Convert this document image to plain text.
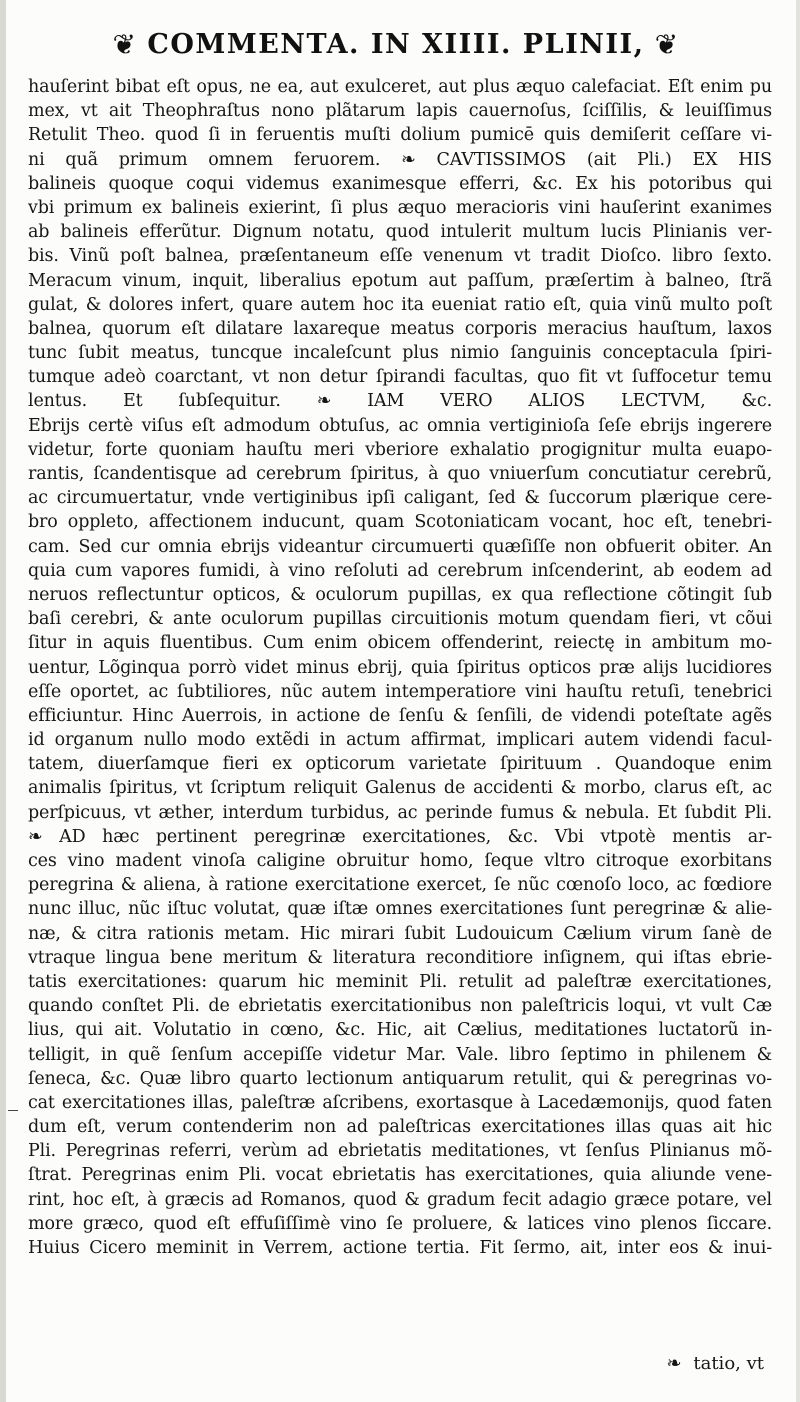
❦ COMMENTA. IN XIIII. PLINII, ❦
hauſerint bibat eſt opus, ne ea, aut exulceret, aut plus æquo calefaciat. Eſt enim pu
mex, vt ait Theophraſtus nono plãtarum lapis cauernoſus, ſciſſilis, & leuiſſimus
Retulit Theo. quod ſi in feruentis muſti dolium pumicē quis demiſerit ceſſare vi-
ni quã primum omnem feruorem. ❧ CAVTISSIMOS (ait Pli.) EX HIS
balineis quoque coqui videmus exanimesque efferri, &c. Ex his potoribus qui
vbi primum ex balineis exierint, ſi plus æquo meracioris vini hauſerint exanimes
ab balineis efferũtur. Dignum notatu, quod intulerit multum lucis Plinianis ver-
bis. Vinũ poſt balnea, præſentaneum eſſe venenum vt tradit Dioſco. libro ſexto.
Meracum vinum, inquit, liberalius epotum aut paſſum, præſertim à balneo, ſtrã
gulat, & dolores infert, quare autem hoc ita eueniat ratio eſt, quia vinũ multo poſt
balnea, quorum eſt dilatare laxareque meatus corporis meracius hauſtum, laxos
tunc ſubit meatus, tuncque incaleſcunt plus nimio ſanguinis conceptacula ſpiri-
tumque adeò coarctant, vt non detur ſpirandi facultas, quo fit vt ſuffocetur temu
lentus. Et ſubſequitur. ❧ IAM VERO ALIOS LECTVM, &c.
Ebrijs certè viſus eſt admodum obtuſus, ac omnia vertiginioſa ſeſe ebrijs ingerere
videtur, forte quoniam hauſtu meri vberiore exhalatio progignitur multa euapo-
rantis, ſcandentisque ad cerebrum ſpiritus, à quo vniuerſum concutiatur cerebrũ,
ac circumuertatur, vnde vertiginibus ipſi caligant, ſed & ſuccorum plærique cere-
bro oppleto, affectionem inducunt, quam Scotoniaticam vocant, hoc eſt, tenebri-
cam. Sed cur omnia ebrijs videantur circumuerti quæſiſſe non obfuerit obiter. An
quia cum vapores fumidi, à vino reſoluti ad cerebrum inſcenderint, ab eodem ad
neruos reflectuntur opticos, & oculorum pupillas, ex qua reflectione cõtingit ſub
baſi cerebri, & ante oculorum pupillas circuitionis motum quendam fieri, vt cõui
ſitur in aquis fluentibus. Cum enim obicem offenderint, reiectę in ambitum mo-
uentur, Lõginqua porrò videt minus ebrij, quia ſpiritus opticos præ alijs lucidiores
eſſe oportet, ac ſubtiliores, nũc autem intemperatiore vini hauſtu retuſi, tenebrici
efficiuntur. Hinc Auerrois, in actione de ſenſu & ſenſili, de videndi poteſtate agẽs
id organum nullo modo extẽdi in actum affirmat, implicari autem videndi facul-
tatem, diuerſamque fieri ex opticorum varietate ſpirituum . Quandoque enim
animalis ſpiritus, vt ſcriptum reliquit Galenus de accidenti & morbo, clarus eſt, ac
perſpicuus, vt æther, interdum turbidus, ac perinde fumus & nebula. Et ſubdit Pli.
❧ AD hæc pertinent peregrinæ exercitationes, &c. Vbi vtpotè mentis ar-
ces vino madent vinoſa caligine obruitur homo, ſeque vltro citroque exorbitans
peregrina & aliena, à ratione exercitatione exercet, ſe nũc cœnoſo loco, ac fœdiore
nunc illuc, nũc iſtuc volutat, quæ iſtæ omnes exercitationes ſunt peregrinæ & alie-
næ, & citra rationis metam. Hic mirari ſubit Ludouicum Cælium virum ſanè de
vtraque lingua bene meritum & literatura reconditiore inſignem, qui iſtas ebrie-
tatis exercitationes: quarum hic meminit Pli. retulit ad paleſtræ exercitationes,
quando conſtet Pli. de ebrietatis exercitationibus non paleſtricis loqui, vt vult Cæ
lius, qui ait. Volutatio in cœno, &c. Hic, ait Cælius, meditationes luctatorũ in-
telligit, in quẽ ſenſum accepiſſe videtur Mar. Vale. libro ſeptimo in philenem &
ſeneca, &c. Quæ libro quarto lectionum antiquarum retulit, qui & peregrinas vo-
cat exercitationes illas, paleſtræ aſcribens, exortasque à Lacedæmonijs, quod faten
dum eſt, verum contenderim non ad paleſtricas exercitationes illas quas ait hic
Pli. Peregrinas referri, verùm ad ebrietatis meditationes, vt ſenſus Plinianus mõ-
ſtrat. Peregrinas enim Pli. vocat ebrietatis has exercitationes, quia aliunde vene-
rint, hoc eſt, à græcis ad Romanos, quod & gradum fecit adagio græce potare, vel
more græco, quod eſt effuſiſſimè vino ſe proluere, & latices vino plenos ſiccare.
Huius Cicero meminit in Verrem, actione tertia. Fit ſermo, ait, inter eos & inui-
❧ tatio, vt
